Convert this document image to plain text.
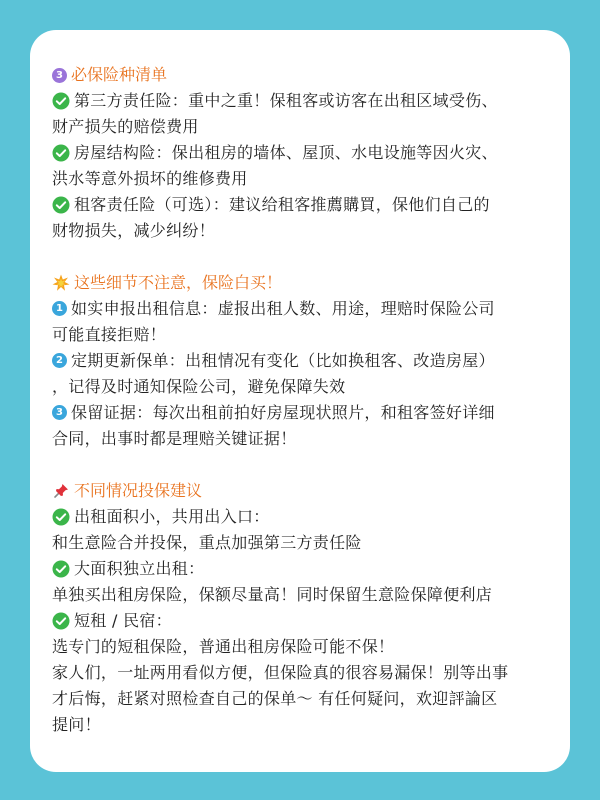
3 必保险种清单

第三方责任险：重中之重！保租客或访客在出租区域受伤、

财产损失的赔偿费用

房屋结构险：保出租房的墙体、屋顶、水电设施等因火灾、

洪水等意外损坏的维修费用

租客责任险（可选）：建议给租客推薦購買，保他们自己的

财物损失，减少纠纷！

这些细节不注意，保险白买！
1 如实申报出租信息：虚报出租人数、用途，理赔时保险公司

可能直接拒赔！

2 定期更新保单：出租情况有变化（比如换租客、改造房屋）

，记得及时通知保险公司，避免保障失效

3 保留证据：每次出租前拍好房屋现状照片，和租客签好详细

合同，出事时都是理赔关键证据！

不同情况投保建议

出租面积小，共用出入口：

和生意险合并投保，重点加强第三方责任险

大面积独立出租：

单独买出租房保险，保额尽量高！同时保留生意险保障便利店

短租 / 民宿：

选专门的短租保险，普通出租房保险可能不保！

家人们，一址两用看似方便，但保险真的很容易漏保！别等出事

才后悔，赶紧对照检查自己的保单～ 有任何疑问，欢迎評論区

提问！
